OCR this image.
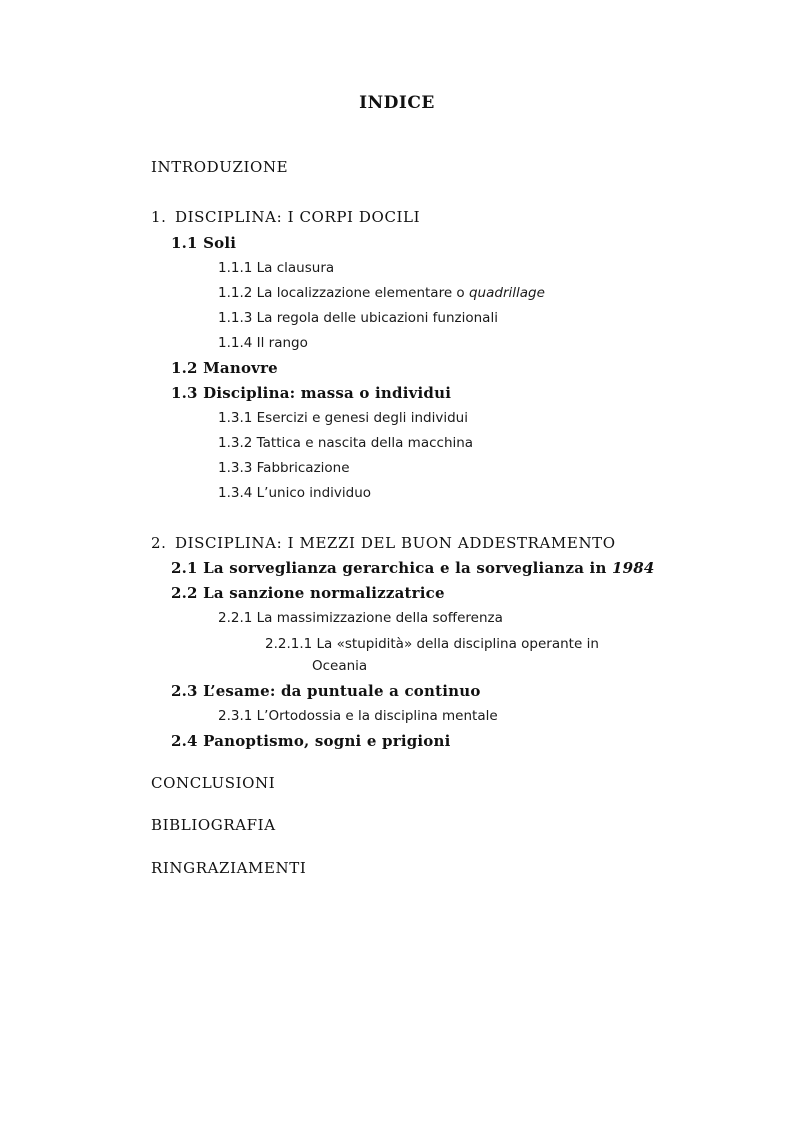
INDICE
INTRODUZIONE
1. DISCIPLINA: I CORPI DOCILI
1.1 Soli
1.1.1 La clausura
1.1.2 La localizzazione elementare o quadrillage
1.1.3 La regola delle ubicazioni funzionali
1.1.4 Il rango
1.2 Manovre
1.3 Disciplina: massa o individui
1.3.1 Esercizi e genesi degli individui
1.3.2 Tattica e nascita della macchina
1.3.3 Fabbricazione
1.3.4 L’unico individuo
2. DISCIPLINA: I MEZZI DEL BUON ADDESTRAMENTO
2.1 La sorveglianza gerarchica e la sorveglianza in 1984
2.2 La sanzione normalizzatrice
2.2.1 La massimizzazione della sofferenza
2.2.1.1 La «stupidità» della disciplina operante in
Oceania
2.3 L’esame: da puntuale a continuo
2.3.1 L’Ortodossia e la disciplina mentale
2.4 Panoptismo, sogni e prigioni
CONCLUSIONI
BIBLIOGRAFIA
RINGRAZIAMENTI
